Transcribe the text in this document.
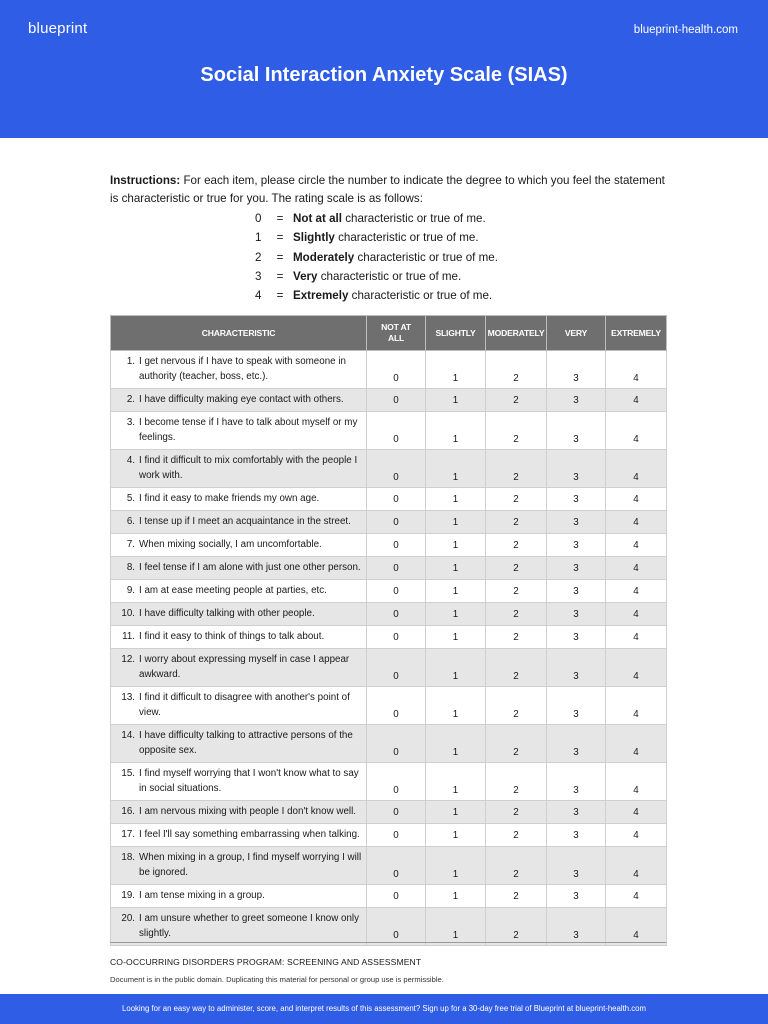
blueprint	blueprint-health.com
Social Interaction Anxiety Scale (SIAS)
Instructions: For each item, please circle the number to indicate the degree to which you feel the statement is characteristic or true for you. The rating scale is as follows:
0 = Not at all characteristic or true of me.
1 = Slightly characteristic or true of me.
2 = Moderately characteristic or true of me.
3 = Very characteristic or true of me.
4 = Extremely characteristic or true of me.
CHARACTERISTIC	NOT AT ALL	SLIGHTLY	MODERATELY	VERY	EXTREMELY

1. I get nervous if I have to speak with someone in authority (teacher, boss, etc.).	0	1	2	3	4

2. I have difficulty making eye contact with others.	0	1	2	3	4

3. I become tense if I have to talk about myself or my feelings.	0	1	2	3	4

4. I find it difficult to mix comfortably with the people I work with.	0	1	2	3	4

5. I find it easy to make friends my own age.	0	1	2	3	4

6. I tense up if I meet an acquaintance in the street.	0	1	2	3	4

7. When mixing socially, I am uncomfortable.	0	1	2	3	4

8. I feel tense if I am alone with just one other person.	0	1	2	3	4

9. I am at ease meeting people at parties, etc.	0	1	2	3	4

10. I have difficulty talking with other people.	0	1	2	3	4

11. I find it easy to think of things to talk about.	0	1	2	3	4

12. I worry about expressing myself in case I appear awkward.	0	1	2	3	4

13. I find it difficult to disagree with another's point of view.	0	1	2	3	4

14. I have difficulty talking to attractive persons of the opposite sex.	0	1	2	3	4

15. I find myself worrying that I won't know what to say in social situations.	0	1	2	3	4

16. I am nervous mixing with people I don't know well.	0	1	2	3	4

17. I feel I'll say something embarrassing when talking.	0	1	2	3	4

18. When mixing in a group, I find myself worrying I will be ignored.	0	1	2	3	4

19. I am tense mixing in a group.	0	1	2	3	4

20. I am unsure whether to greet someone I know only slightly.	0	1	2	3	4
CO-OCCURRING DISORDERS PROGRAM: SCREENING AND ASSESSMENT
Document is in the public domain. Duplicating this material for personal or group use is permissible.
Looking for an easy way to administer, score, and interpret results of this assessment? Sign up for a 30-day free trial of Blueprint at blueprint-health.com
